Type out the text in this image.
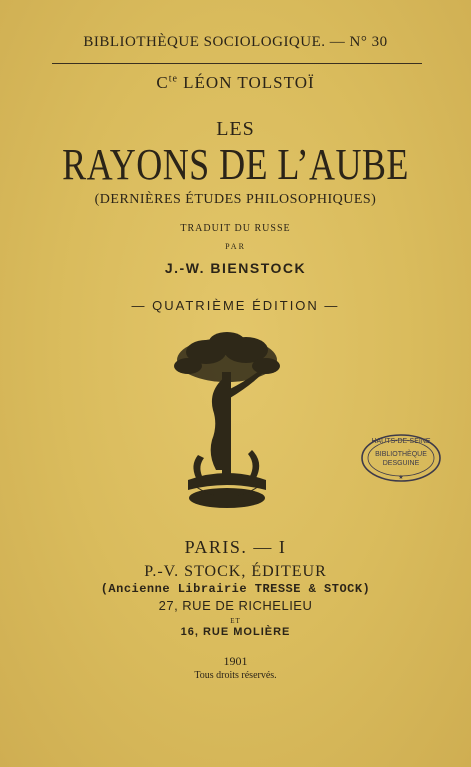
BIBLIOTHÈQUE SOCIOLOGIQUE. — N° 30
$C^{te}$ LÉON TOLSTOÏ
LES
RAYONS DE L’AUBE
(DERNIÈRES ÉTUDES PHILOSOPHIQUES)
TRADUIT DU RUSSE
PAR
J.-W. BIENSTOCK
— QUATRIÈME ÉDITION —
★
HAUTS-DE-SEINE
BIBLIOTHÈQUE
DESGUINE
PARIS. — I
P.-V. STOCK, ÉDITEUR
(Ancienne Librairie TRESSE & STOCK)
27, RUE DE RICHELIEU
ET
16, RUE MOLIÈRE
1901
Tous droits réservés.
